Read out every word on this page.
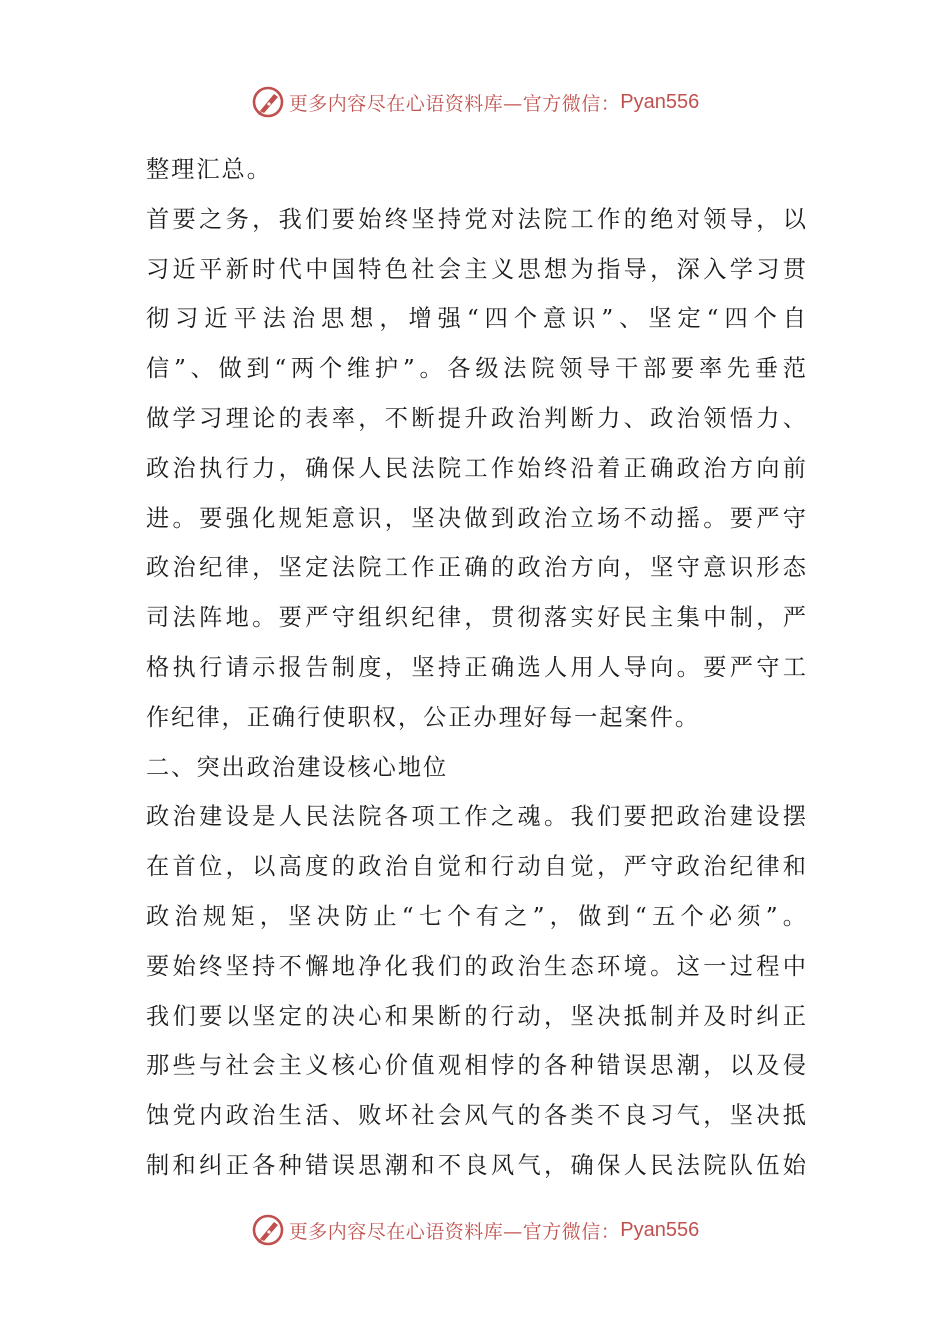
更多内容尽在心语资料库—官方微信： Pyan556
整理汇总。
首要之务，我们要始终坚持党对法院工作的绝对领导，以
习近平新时代中国特色社会主义思想为指导，深入学习贯
彻习近平法治思想，增强“四个意识”、坚定“四个自
信”、做到“两个维护”。各级法院领导干部要率先垂范
做学习理论的表率，不断提升政治判断力、政治领悟力、
政治执行力，确保人民法院工作始终沿着正确政治方向前
进。要强化规矩意识，坚决做到政治立场不动摇。要严守
政治纪律，坚定法院工作正确的政治方向，坚守意识形态
司法阵地。要严守组织纪律，贯彻落实好民主集中制，严
格执行请示报告制度，坚持正确选人用人导向。要严守工
作纪律，正确行使职权，公正办理好每一起案件。
二、突出政治建设核心地位
政治建设是人民法院各项工作之魂。我们要把政治建设摆
在首位，以高度的政治自觉和行动自觉，严守政治纪律和
政治规矩，坚决防止“七个有之”，做到“五个必须”。
要始终坚持不懈地净化我们的政治生态环境。这一过程中
我们要以坚定的决心和果断的行动，坚决抵制并及时纠正
那些与社会主义核心价值观相悖的各种错误思潮，以及侵
蚀党内政治生活、败坏社会风气的各类不良习气，坚决抵
制和纠正各种错误思潮和不良风气，确保人民法院队伍始
更多内容尽在心语资料库—官方微信： Pyan556
